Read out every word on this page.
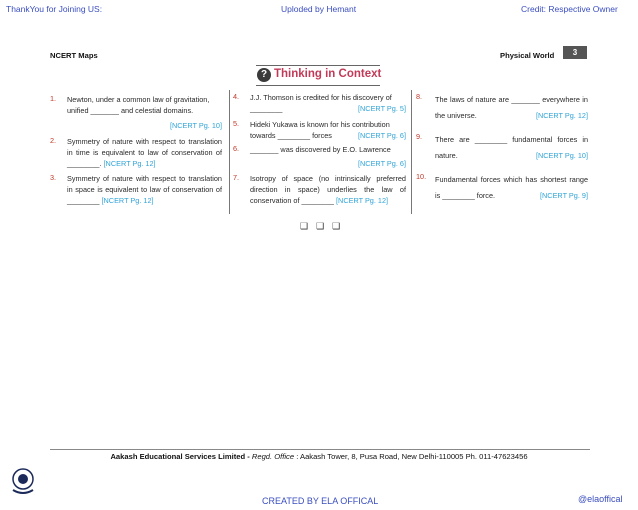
ThankYou for Joining US:	Uploded by Hemant	Credit: Respective Owner
NCERT Maps	Physical World	3
? Thinking in Context
1. Newton, under a common law of gravitation, unified _______ and celestial domains.
[NCERT Pg. 10]
2. Symmetry of nature with respect to translation in time is equivalent to law of conservation of ________. [NCERT Pg. 12]
3. Symmetry of nature with respect to translation in space is equivalent to law of conservation of ________ [NCERT Pg. 12]
4. J.J. Thomson is credited for his discovery of ________	[NCERT Pg. 5]
5. Hideki Yukawa is known for his contribution towards ________ forces	[NCERT Pg. 6]
6. _______ was discovered by E.O. Lawrence
[NCERT Pg. 6]
7. Isotropy of space (no intrinsically preferred direction in space) underlies the law of conservation of ________ [NCERT Pg. 12]
8. The laws of nature are _______ everywhere in the universe.	[NCERT Pg. 12]
9. There are ________ fundamental forces in nature.	[NCERT Pg. 10]
10. Fundamental forces which has shortest range is ________ force.	[NCERT Pg. 9]
❑❑❑
Aakash Educational Services Limited - Regd. Office : Aakash Tower, 8, Pusa Road, New Delhi-110005 Ph. 011-47623456
CREATED BY ELA OFFICAL	@elaoffical
